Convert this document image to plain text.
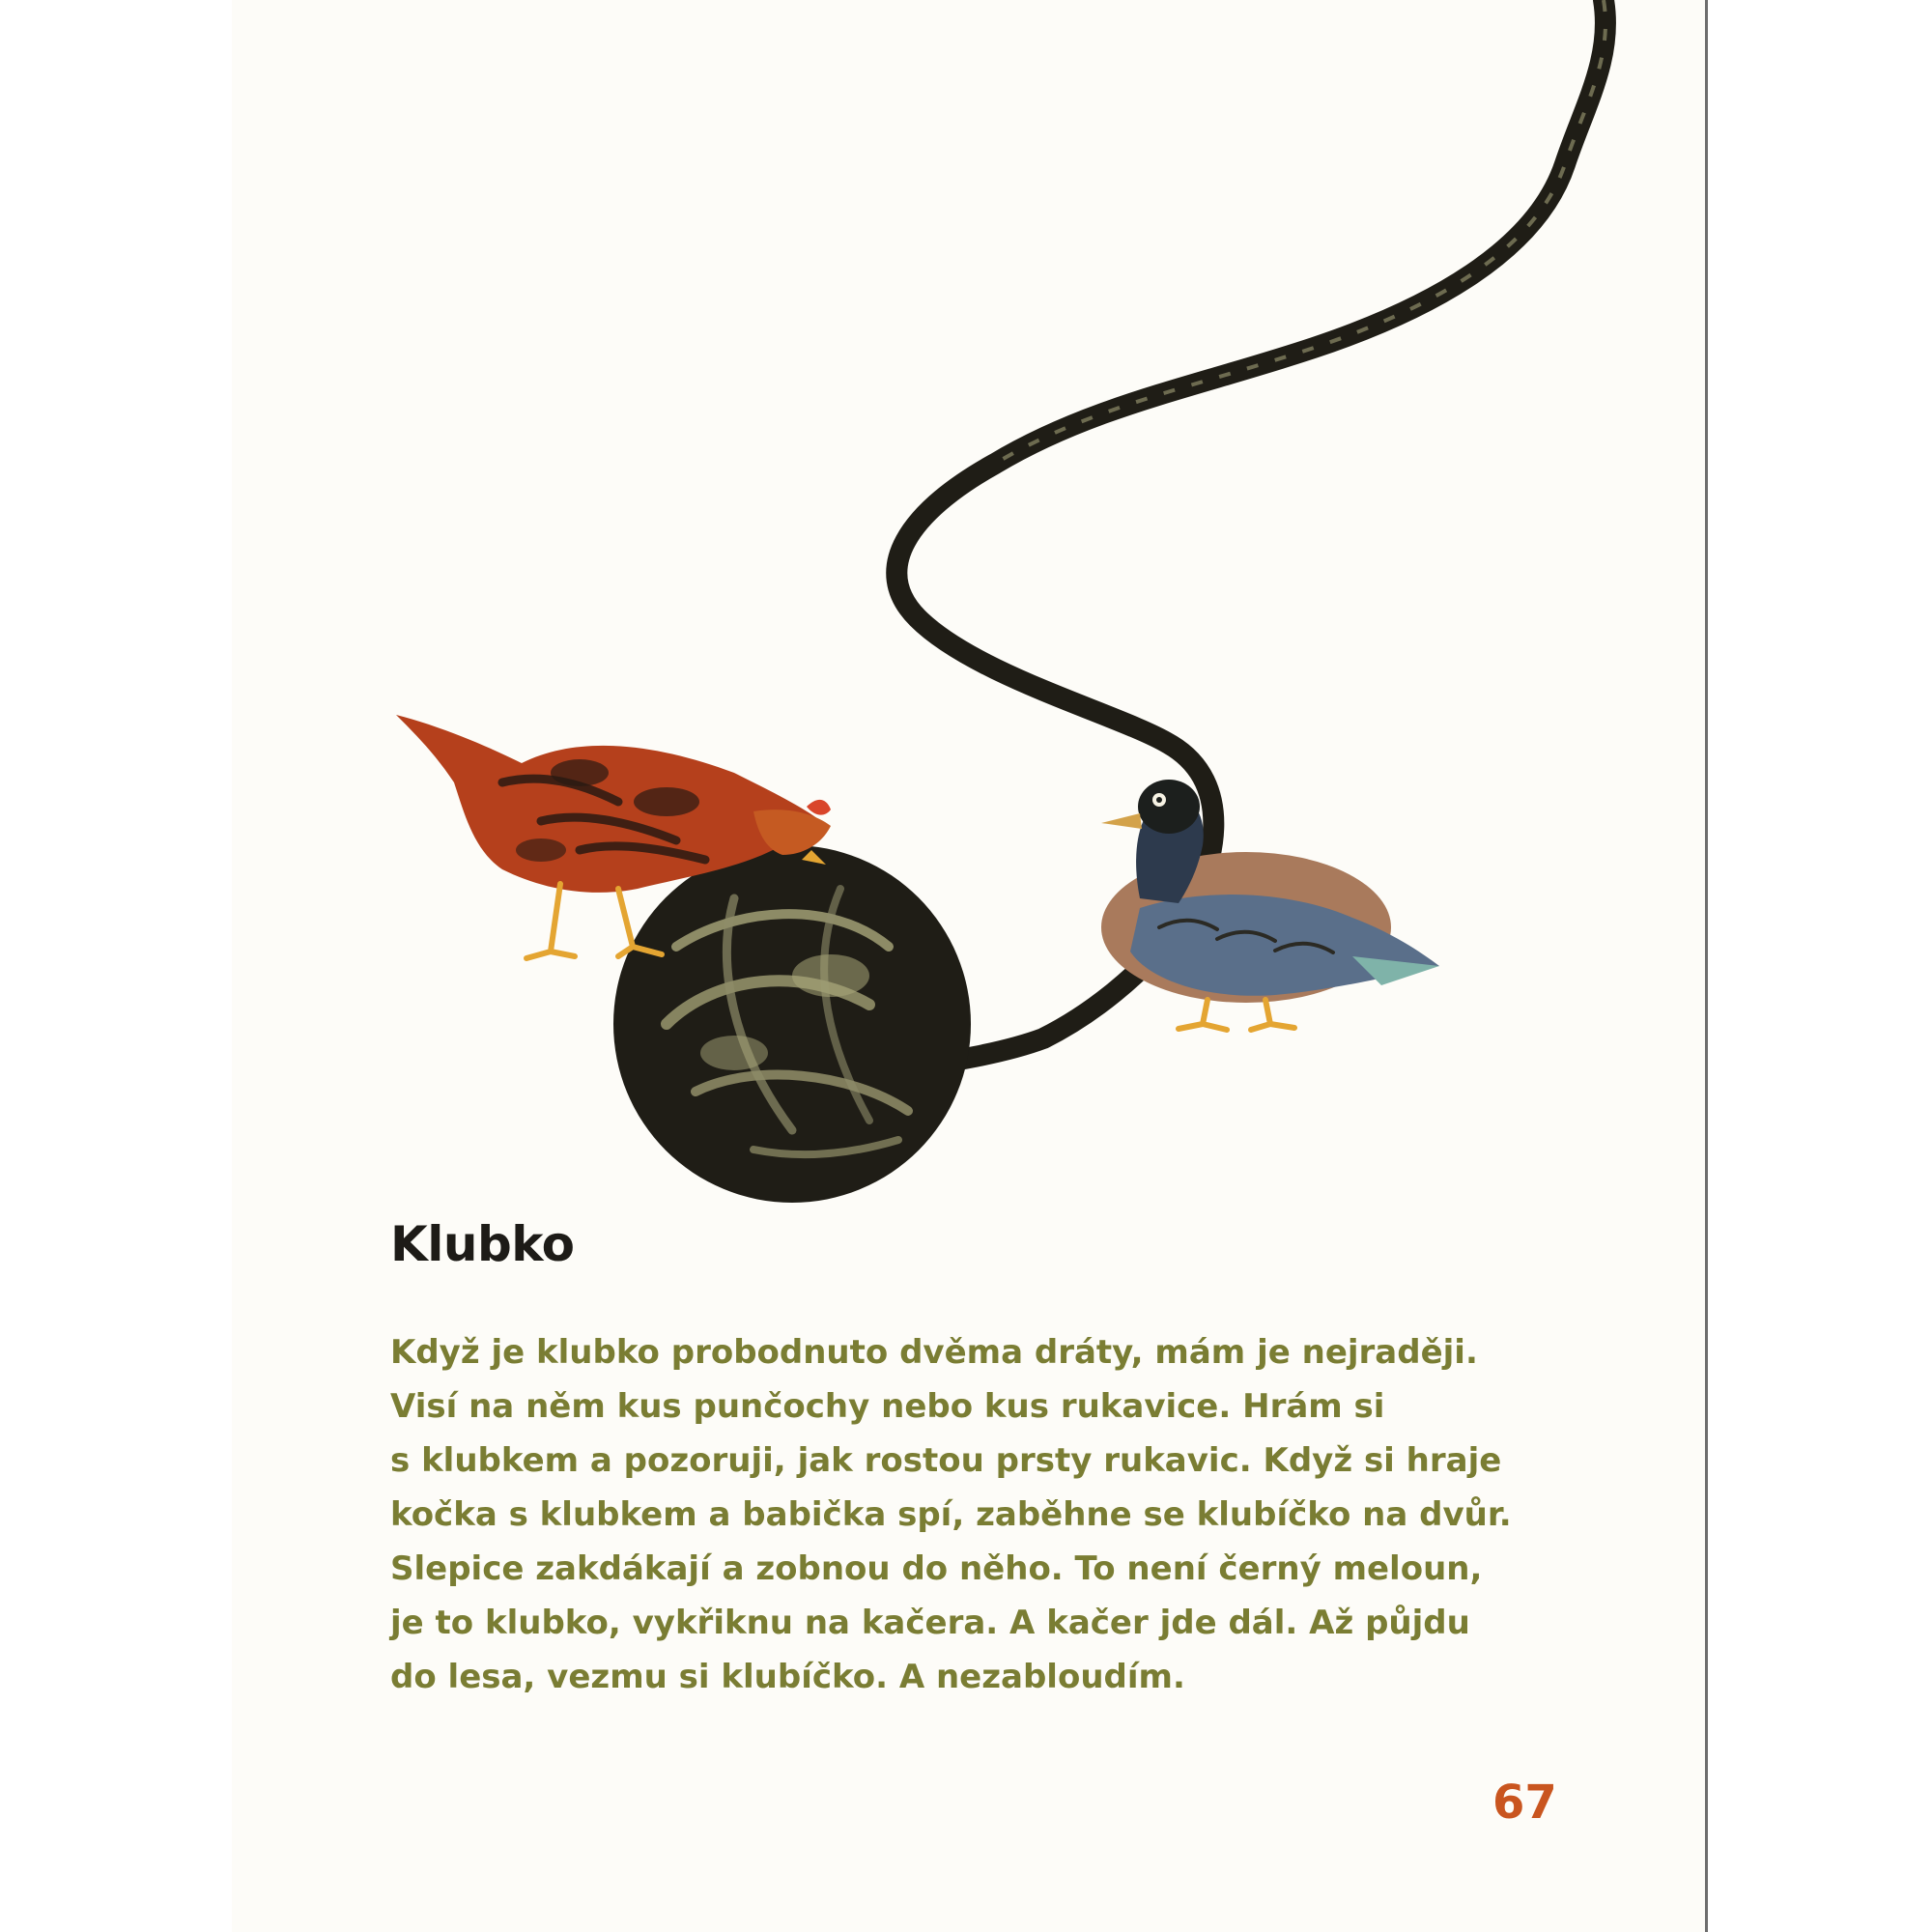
Klubko
Když je klubko probodnuto dvěma dráty, mám je nejraději.
Visí na něm kus punčochy nebo kus rukavice. Hrám si
s klubkem a pozoruji, jak rostou prsty rukavic. Když si hraje
kočka s klubkem a babička spí, zaběhne se klubíčko na dvůr.
Slepice zakdákají a zobnou do něho. To není černý meloun,
je to klubko, vykřiknu na kačera. A kačer jde dál. Až půjdu
do lesa, vezmu si klubíčko. A nezabloudím.
67
